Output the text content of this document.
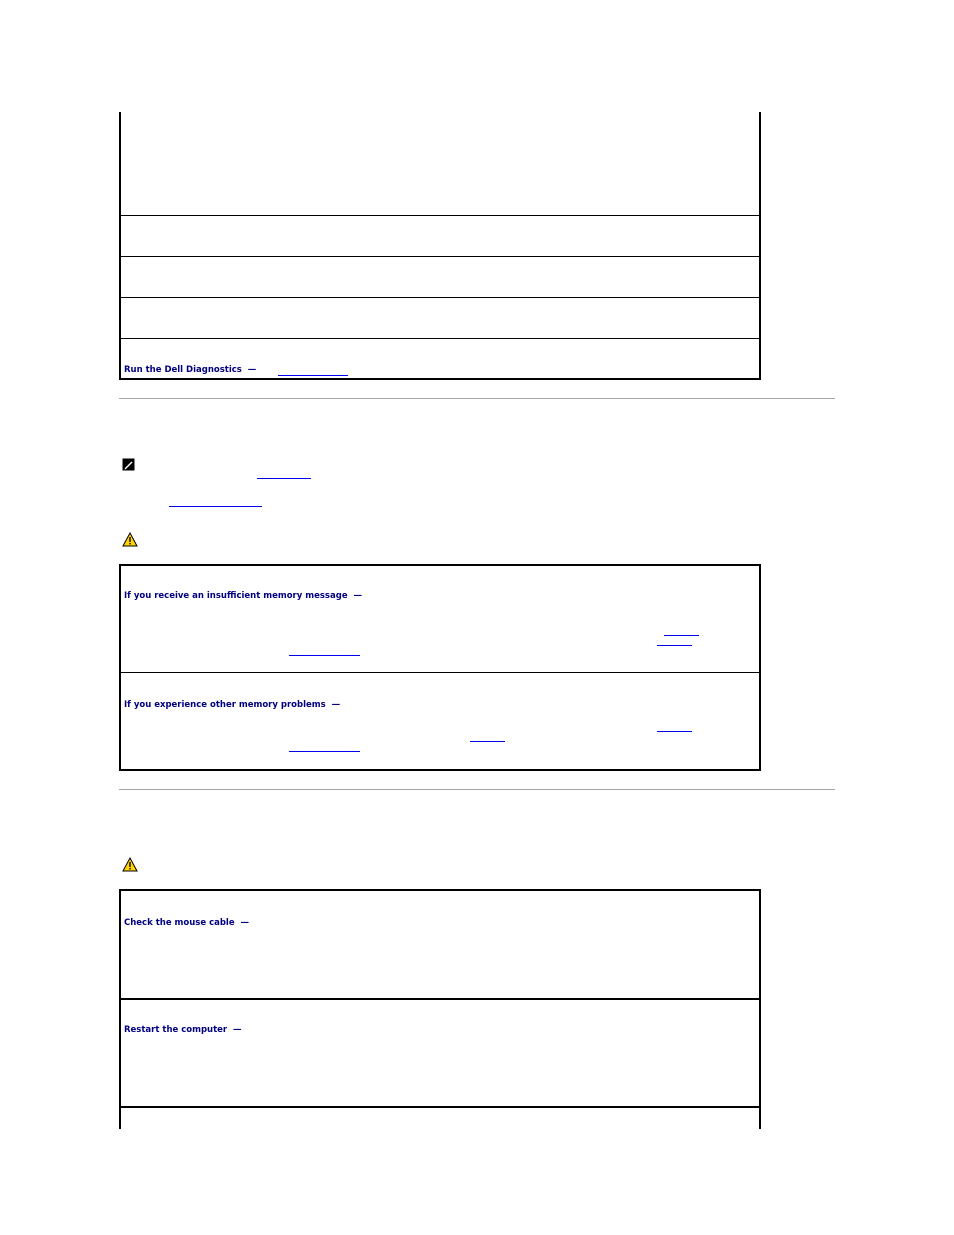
Run the Dell Diagnostics —
If you receive an insufficient memory message —
If you experience other memory problems —
Check the mouse cable —
Restart the computer —
